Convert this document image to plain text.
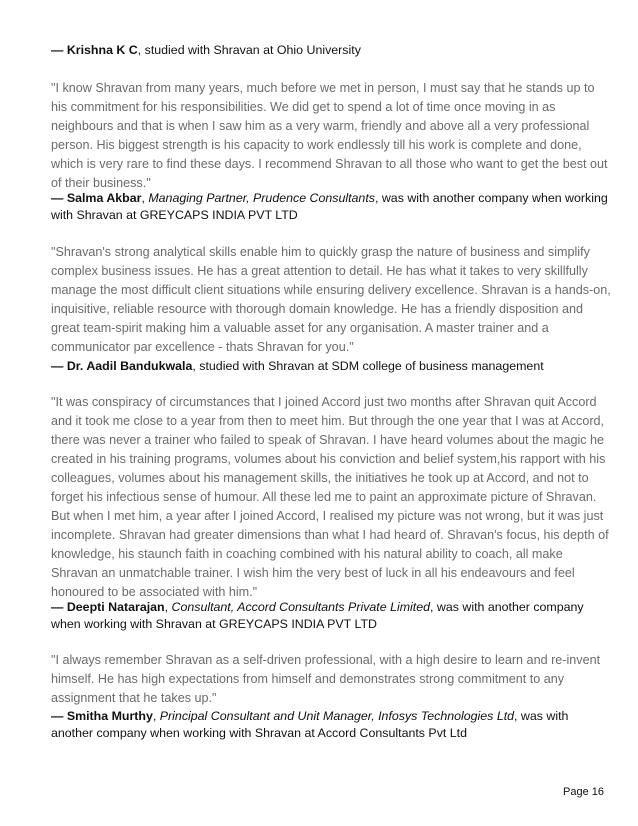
— Krishna K C, studied with Shravan at Ohio University
"I know Shravan from many years, much before we met in person, I must say that he stands up to his commitment for his responsibilities. We did get to spend a lot of time once moving in as neighbours and that is when I saw him as a very warm, friendly and above all a very professional person. His biggest strength is his capacity to work endlessly till his work is complete and done, which is very rare to find these days. I recommend Shravan to all those who want to get the best out of their business."
— Salma Akbar, Managing Partner, Prudence Consultants, was with another company when working with Shravan at GREYCAPS INDIA PVT LTD
"Shravan's strong analytical skills enable him to quickly grasp the nature of business and simplify complex business issues. He has a great attention to detail. He has what it takes to very skillfully manage the most difficult client situations while ensuring delivery excellence. Shravan is a hands-on, inquisitive, reliable resource with thorough domain knowledge. He has a friendly disposition and great team-spirit making him a valuable asset for any organisation. A master trainer and a communicator par excellence - thats Shravan for you."
— Dr. Aadil Bandukwala, studied with Shravan at SDM college of business management
"It was conspiracy of circumstances that I joined Accord just two months after Shravan quit Accord and it took me close to a year from then to meet him. But through the one year that I was at Accord, there was never a trainer who failed to speak of Shravan. I have heard volumes about the magic he created in his training programs, volumes about his conviction and belief system,his rapport with his colleagues, volumes about his management skills, the initiatives he took up at Accord, and not to forget his infectious sense of humour. All these led me to paint an approximate picture of Shravan. But when I met him, a year after I joined Accord, I realised my picture was not wrong, but it was just incomplete. Shravan had greater dimensions than what I had heard of. Shravan's focus, his depth of knowledge, his staunch faith in coaching combined with his natural ability to coach, all make Shravan an unmatchable trainer. I wish him the very best of luck in all his endeavours and feel honoured to be associated with him."
— Deepti Natarajan, Consultant, Accord Consultants Private Limited, was with another company when working with Shravan at GREYCAPS INDIA PVT LTD
"I always remember Shravan as a self-driven professional, with a high desire to learn and re-invent himself. He has high expectations from himself and demonstrates strong commitment to any assignment that he takes up."
— Smitha Murthy, Principal Consultant and Unit Manager, Infosys Technologies Ltd, was with another company when working with Shravan at Accord Consultants Pvt Ltd
Page 16
